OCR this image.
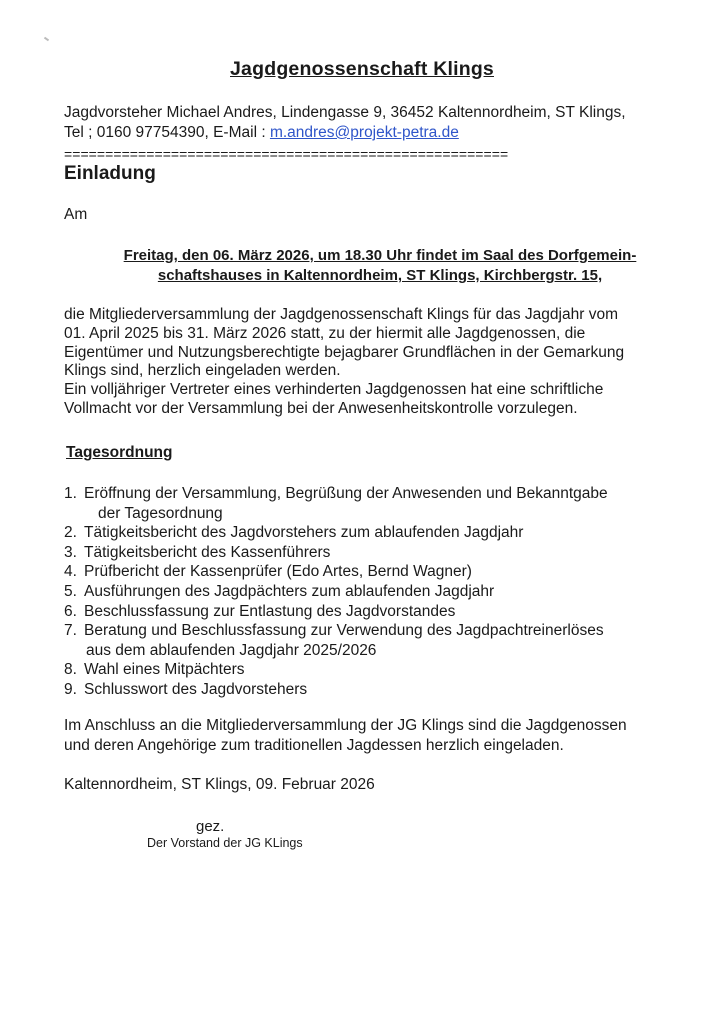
Jagdgenossenschaft Klings
Jagdvorsteher Michael Andres, Lindengasse 9, 36452 Kaltennordheim, ST Klings,
Tel ; 0160 97754390, E-Mail : m.andres@projekt-petra.de
======================================================
Einladung
Am
Freitag, den 06. März 2026, um 18.30 Uhr findet im Saal des Dorfgemein-
schaftshauses in Kaltennordheim, ST Klings, Kirchbergstr. 15,
die Mitgliederversammlung der Jagdgenossenschaft Klings für das Jagdjahr vom
01. April 2025 bis 31. März 2026 statt, zu der hiermit alle Jagdgenossen, die
Eigentümer und Nutzungsberechtigte bejagbarer Grundflächen in der Gemarkung
Klings sind, herzlich eingeladen werden.
Ein volljähriger Vertreter eines verhinderten Jagdgenossen hat eine schriftliche
Vollmacht vor der Versammlung bei der Anwesenheitskontrolle vorzulegen.
Tagesordnung
1. Eröffnung der Versammlung, Begrüßung der Anwesenden und Bekanntgabe
der Tagesordnung
2. Tätigkeitsbericht des Jagdvorstehers zum ablaufenden Jagdjahr
3. Tätigkeitsbericht des Kassenführers
4. Prüfbericht der Kassenprüfer (Edo Artes, Bernd Wagner)
5. Ausführungen des Jagdpächters zum ablaufenden Jagdjahr
6. Beschlussfassung zur Entlastung des Jagdvorstandes
7. Beratung und Beschlussfassung zur Verwendung des Jagdpachtreinerlöses
aus dem ablaufenden Jagdjahr 2025/2026
8. Wahl eines Mitpächters
9. Schlusswort des Jagdvorstehers
Im Anschluss an die Mitgliederversammlung der JG Klings sind die Jagdgenossen
und deren Angehörige zum traditionellen Jagdessen herzlich eingeladen.
Kaltennordheim, ST Klings, 09. Februar 2026
gez.
Der Vorstand der JG KLings
